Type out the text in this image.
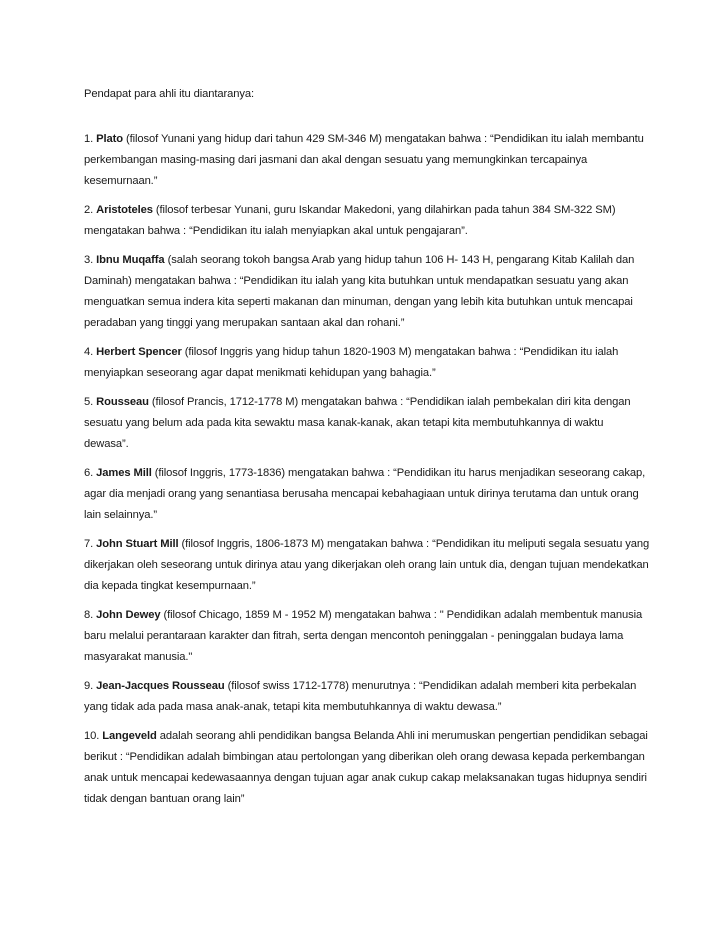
Pendapat para ahli itu diantaranya:

1. Plato (filosof Yunani yang hidup dari tahun 429 SM-346 M) mengatakan bahwa : “Pendidikan itu ialah membantu perkembangan masing-masing dari jasmani dan akal dengan sesuatu yang memungkinkan tercapainya kesemurnaan.”

2. Aristoteles (filosof terbesar Yunani, guru Iskandar Makedoni, yang dilahirkan pada tahun 384 SM-322 SM) mengatakan bahwa : “Pendidikan itu ialah menyiapkan akal untuk pengajaran”.

3. Ibnu Muqaffa (salah seorang tokoh bangsa Arab yang hidup tahun 106 H- 143 H, pengarang Kitab Kalilah dan Daminah) mengatakan bahwa : “Pendidikan itu ialah yang kita butuhkan untuk mendapatkan sesuatu yang akan menguatkan semua indera kita seperti makanan dan minuman, dengan yang lebih kita butuhkan untuk mencapai peradaban yang tinggi yang merupakan santaan akal dan rohani.”

4. Herbert Spencer (filosof Inggris yang hidup tahun 1820-1903 M) mengatakan bahwa : “Pendidikan itu ialah menyiapkan seseorang agar dapat menikmati kehidupan yang bahagia.”

5. Rousseau (filosof Prancis, 1712-1778 M) mengatakan bahwa : “Pendidikan ialah pembekalan diri kita dengan sesuatu yang belum ada pada kita sewaktu masa kanak-kanak, akan tetapi kita membutuhkannya di waktu dewasa”.

6. James Mill (filosof Inggris, 1773-1836) mengatakan bahwa : “Pendidikan itu harus menjadikan seseorang cakap, agar dia menjadi orang yang senantiasa berusaha mencapai kebahagiaan untuk dirinya terutama dan untuk orang lain selainnya.”

7. John Stuart Mill (filosof Inggris, 1806-1873 M) mengatakan bahwa : “Pendidikan itu meliputi segala sesuatu yang dikerjakan oleh seseorang untuk dirinya atau yang dikerjakan oleh orang lain untuk dia, dengan tujuan mendekatkan dia kepada tingkat kesempurnaan.”

8. John Dewey (filosof Chicago, 1859 M - 1952 M) mengatakan bahwa : " Pendidikan adalah membentuk manusia baru melalui perantaraan karakter dan fitrah, serta dengan mencontoh peninggalan - peninggalan budaya lama masyarakat manusia."

9. Jean-Jacques Rousseau (filosof swiss 1712-1778) menurutnya : “Pendidikan adalah memberi kita perbekalan yang tidak ada pada masa anak-anak, tetapi kita membutuhkannya di waktu dewasa.”

10. Langeveld adalah seorang ahli pendidikan bangsa Belanda Ahli ini merumuskan pengertian pendidikan sebagai berikut : “Pendidikan adalah bimbingan atau pertolongan yang diberikan oleh orang dewasa kepada perkembangan anak untuk mencapai kedewasaannya dengan tujuan agar anak cukup cakap melaksanakan tugas hidupnya sendiri tidak dengan bantuan orang lain”
